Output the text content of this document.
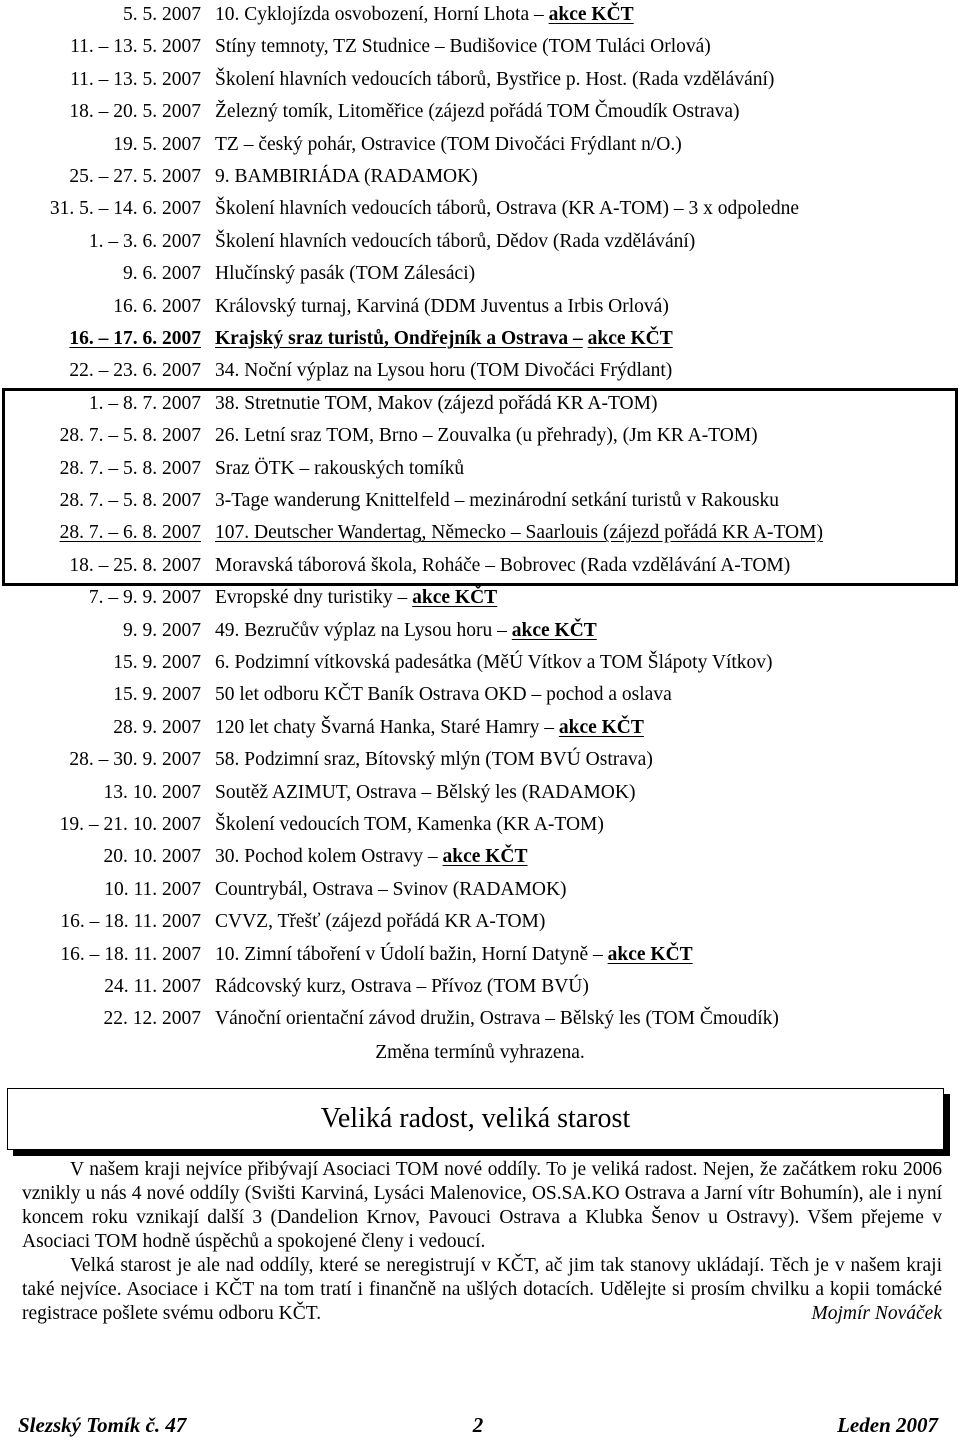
5. 5. 2007 10. Cyklojízda osvobození, Horní Lhota – akce KČT
11. – 13. 5. 2007 Stíny temnoty, TZ Studnice – Budišovice (TOM Tuláci Orlová)
11. – 13. 5. 2007 Školení hlavních vedoucích táborů, Bystřice p. Host. (Rada vzdělávání)
18. – 20. 5. 2007 Železný tomík, Litoměřice (zájezd pořádá TOM Čmoudík Ostrava)
19. 5. 2007 TZ – český pohár, Ostravice (TOM Divočáci Frýdlant n/O.)
25. – 27. 5. 2007 9. BAMBIRIÁDA (RADAMOK)
31. 5. – 14. 6. 2007 Školení hlavních vedoucích táborů, Ostrava (KR A-TOM) – 3 x odpoledne
1. – 3. 6. 2007 Školení hlavních vedoucích táborů, Dědov (Rada vzdělávání)
9. 6. 2007 Hlučínský pasák (TOM Zálesáci)
16. 6. 2007 Královský turnaj, Karviná (DDM Juventus a Irbis Orlová)
16. – 17. 6. 2007 Krajský sraz turistů, Ondřejník a Ostrava – akce KČT
22. – 23. 6. 2007 34. Noční výplaz na Lysou horu (TOM Divočáci Frýdlant)
1. – 8. 7. 2007 38. Stretnutie TOM, Makov (zájezd pořádá KR A-TOM)
28. 7. – 5. 8. 2007 26. Letní sraz TOM, Brno – Zouvalka (u přehrady), (Jm KR A-TOM)
28. 7. – 5. 8. 2007 Sraz ÖTK – rakouských tomíků
28. 7. – 5. 8. 2007 3-Tage wanderung Knittelfeld – mezinárodní setkání turistů v Rakousku
28. 7. – 6. 8. 2007 107. Deutscher Wandertag, Německo – Saarlouis (zájezd pořádá KR A-TOM)
18. – 25. 8. 2007 Moravská táborová škola, Roháče – Bobrovec (Rada vzdělávání A-TOM)
7. – 9. 9. 2007 Evropské dny turistiky – akce KČT
9. 9. 2007 49. Bezručův výplaz na Lysou horu – akce KČT
15. 9. 2007 6. Podzimní vítkovská padesátka (MěÚ Vítkov a TOM Šlápoty Vítkov)
15. 9. 2007 50 let odboru KČT Baník Ostrava OKD – pochod a oslava
28. 9. 2007 120 let chaty Švarná Hanka, Staré Hamry – akce KČT
28. – 30. 9. 2007 58. Podzimní sraz, Bítovský mlýn (TOM BVÚ Ostrava)
13. 10. 2007 Soutěž AZIMUT, Ostrava – Bělský les (RADAMOK)
19. – 21. 10. 2007 Školení vedoucích TOM, Kamenka (KR A-TOM)
20. 10. 2007 30. Pochod kolem Ostravy – akce KČT
10. 11. 2007 Countrybál, Ostrava – Svinov (RADAMOK)
16. – 18. 11. 2007 CVVZ, Třešť (zájezd pořádá KR A-TOM)
16. – 18. 11. 2007 10. Zimní táboření v Údolí bažin, Horní Datyně – akce KČT
24. 11. 2007 Rádcovský kurz, Ostrava – Přívoz (TOM BVÚ)
22. 12. 2007 Vánoční orientační závod družin, Ostrava – Bělský les (TOM Čmoudík)
Změna termínů vyhrazena.
Veliká radost, veliká starost

V našem kraji nejvíce přibývají Asociaci TOM nové oddíly. To je veliká radost. Nejen, že začátkem roku 2006 vznikly u nás 4 nové oddíly (Svišti Karviná, Lysáci Malenovice, OS.SA.KO Ostrava a Jarní vítr Bohumín), ale i nyní koncem roku vznikají další 3 (Dandelion Krnov, Pavouci Ostrava a Klubka Šenov u Ostravy). Všem přejeme v Asociaci TOM hodně úspěchů a spokojené členy i vedoucí.

Velká starost je ale nad oddíly, které se neregistrují v KČT, ač jim tak stanovy ukládají. Těch je v našem kraji také nejvíce. Asociace i KČT na tom tratí i finančně na ušlých dotacích. Udělejte si prosím chvilku a kopii tomácké registrace pošlete svému odboru KČT.	Mojmír Nováček

2
Slezský Tomík č. 47	Leden 2007
